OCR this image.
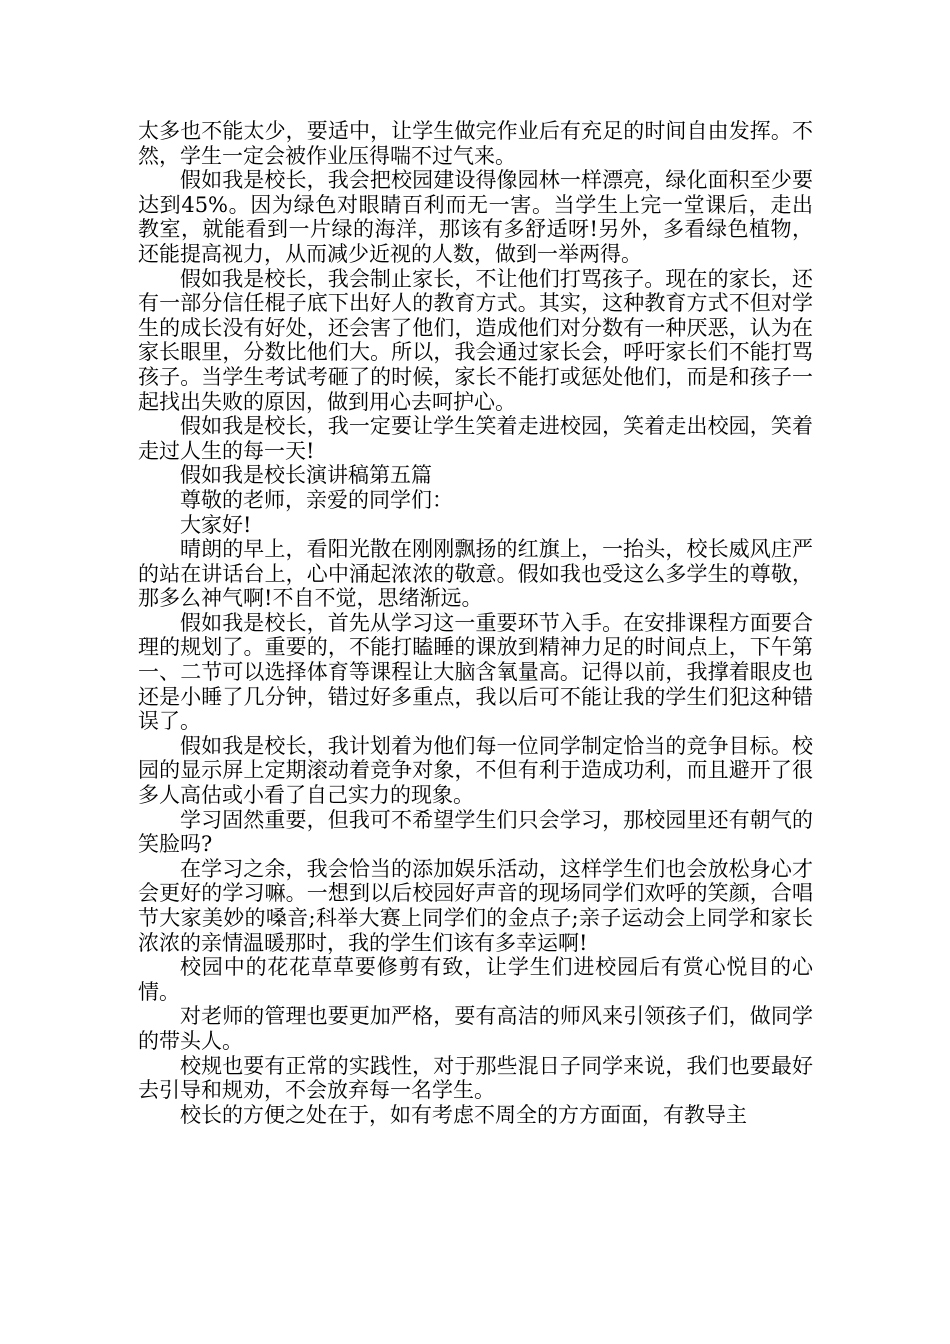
太多也不能太少，要适中，让学生做完作业后有充足的时间自由发挥。不然，学生一定会被作业压得喘不过气来。

假如我是校长，我会把校园建设得像园林一样漂亮，绿化面积至少要达到45%。因为绿色对眼睛百利而无一害。当学生上完一堂课后，走出教室，就能看到一片绿的海洋，那该有多舒适呀!另外，多看绿色植物，还能提高视力，从而减少近视的人数，做到一举两得。

假如我是校长，我会制止家长，不让他们打骂孩子。现在的家长，还有一部分信任棍子底下出好人的教育方式。其实，这种教育方式不但对学生的成长没有好处，还会害了他们，造成他们对分数有一种厌恶，认为在家长眼里，分数比他们大。所以，我会通过家长会，呼吁家长们不能打骂孩子。当学生考试考砸了的时候，家长不能打或惩处他们，而是和孩子一起找出失败的原因，做到用心去呵护心。

假如我是校长，我一定要让学生笑着走进校园，笑着走出校园，笑着走过人生的每一天!

假如我是校长演讲稿第五篇

尊敬的老师，亲爱的同学们：

大家好!

晴朗的早上，看阳光散在刚刚飘扬的红旗上，一抬头，校长威风庄严的站在讲话台上，心中涌起浓浓的敬意。假如我也受这么多学生的尊敬，那多么神气啊!不自不觉，思绪渐远。

假如我是校长，首先从学习这一重要环节入手。在安排课程方面要合理的规划了。重要的，不能打瞌睡的课放到精神力足的时间点上，下午第一、二节可以选择体育等课程让大脑含氧量高。记得以前，我撑着眼皮也还是小睡了几分钟，错过好多重点，我以后可不能让我的学生们犯这种错误了。

假如我是校长，我计划着为他们每一位同学制定恰当的竞争目标。校园的显示屏上定期滚动着竞争对象，不但有利于造成功利，而且避开了很多人高估或小看了自己实力的现象。

学习固然重要，但我可不希望学生们只会学习，那校园里还有朝气的笑脸吗?

在学习之余，我会恰当的添加娱乐活动，这样学生们也会放松身心才会更好的学习嘛。一想到以后校园好声音的现场同学们欢呼的笑颜，合唱节大家美妙的嗓音;科举大赛上同学们的金点子;亲子运动会上同学和家长浓浓的亲情温暖那时，我的学生们该有多幸运啊!

校园中的花花草草要修剪有致，让学生们进校园后有赏心悦目的心情。

对老师的管理也要更加严格，要有高洁的师风来引领孩子们，做同学的带头人。

校规也要有正常的实践性，对于那些混日子同学来说，我们也要最好去引导和规劝，不会放弃每一名学生。

校长的方便之处在于，如有考虑不周全的方方面面，有教导主
